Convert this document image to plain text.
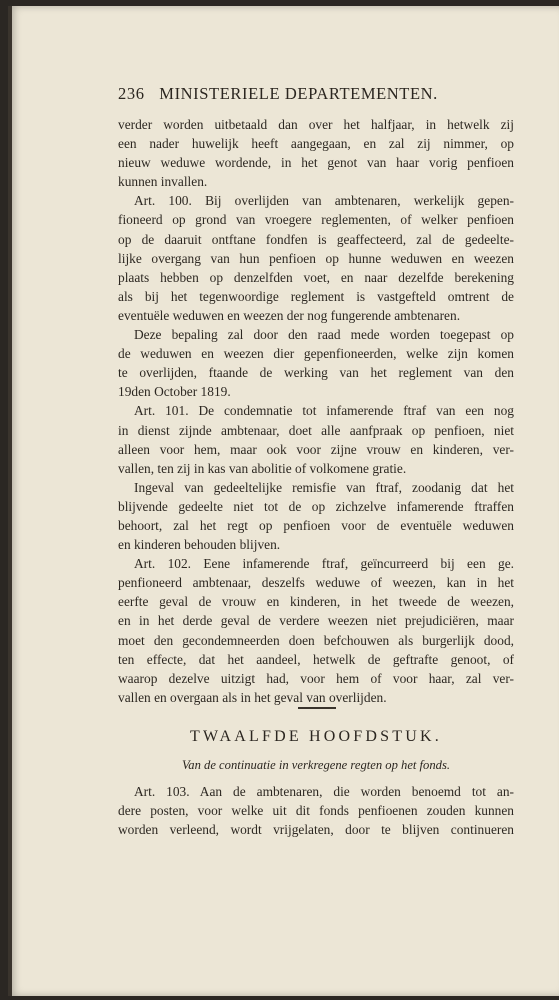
236 MINISTERIELE DEPARTEMENTEN.

verder worden uitbetaald dan over het halfjaar, in hetwelk zij

een nader huwelijk heeft aangegaan, en zal zij nimmer, op

nieuw weduwe wordende, in het genot van haar vorig penfioen

kunnen invallen.

Art. 100. Bij overlijden van ambtenaren, werkelijk gepen-

fioneerd op grond van vroegere reglementen, of welker penfioen

op de daaruit ontftane fondfen is geaffecteerd, zal de gedeelte-

lijke overgang van hun penfioen op hunne weduwen en weezen

plaats hebben op denzelfden voet, en naar dezelfde berekening

als bij het tegenwoordige reglement is vastgefteld omtrent de

eventuële weduwen en weezen der nog fungerende ambtenaren.

Deze bepaling zal door den raad mede worden toegepast op

de weduwen en weezen dier gepenfioneerden, welke zijn komen

te overlijden, ftaande de werking van het reglement van den

19den October 1819.

Art. 101. De condemnatie tot infamerende ftraf van een nog

in dienst zijnde ambtenaar, doet alle aanfpraak op penfioen, niet

alleen voor hem, maar ook voor zijne vrouw en kinderen, ver-

vallen, ten zij in kas van abolitie of volkomene gratie.

Ingeval van gedeeltelijke remisfie van ftraf, zoodanig dat het

blijvende gedeelte niet tot de op zichzelve infamerende ftraffen

behoort, zal het regt op penfioen voor de eventuële weduwen

en kinderen behouden blijven.

Art. 102. Eene infamerende ftraf, geïncurreerd bij een ge.

penfioneerd ambtenaar, deszelfs weduwe of weezen, kan in het

eerfte geval de vrouw en kinderen, in het tweede de weezen,

en in het derde geval de verdere weezen niet prejudiciëren, maar

moet den gecondemneerden doen befchouwen als burgerlijk dood,

ten effecte, dat het aandeel, hetwelk de geftrafte genoot, of

waarop dezelve uitzigt had, voor hem of voor haar, zal ver-

vallen en overgaan als in het geval van overlijden.

TWAALFDE HOOFDSTUK.
Van de continuatie in verkregene regten op het fonds.

Art. 103. Aan de ambtenaren, die worden benoemd tot an-

dere posten, voor welke uit dit fonds penfioenen zouden kunnen

worden verleend, wordt vrijgelaten, door te blijven continueren
